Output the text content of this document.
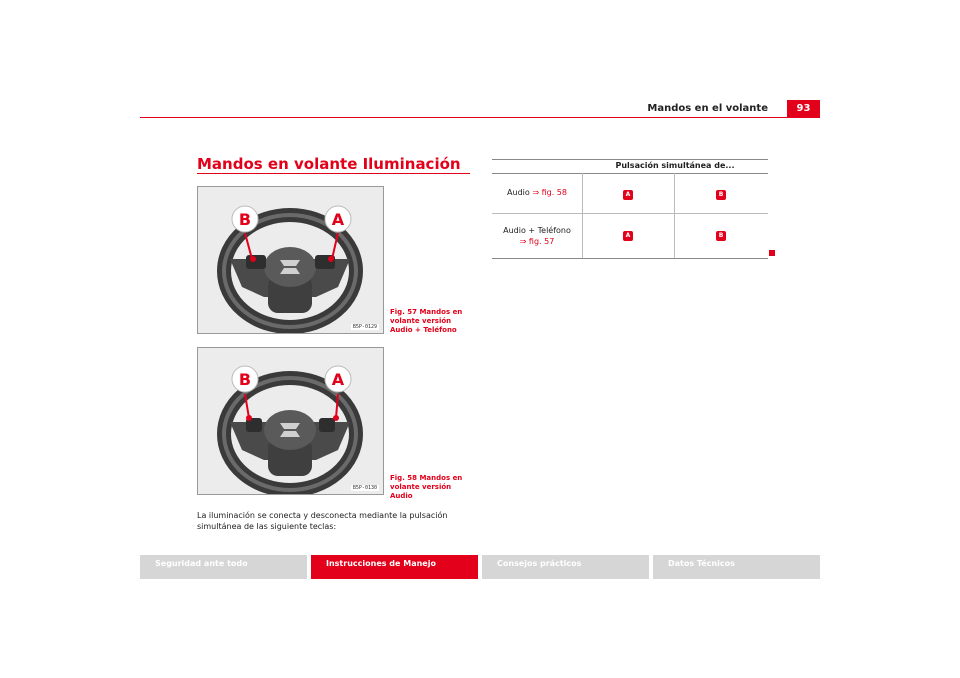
Mandos en el volante	93
Mandos en volante Iluminación
B	A
B5P-0129
Fig. 57 Mandos en volante versión Audio + Teléfono
B	A
B5P-0130
Fig. 58 Mandos en volante versión Audio
La iluminación se conecta y desconecta mediante la pulsación simultánea de las siguiente teclas:
Pulsación simultánea de...
Audio ⇒ fig. 58	A	B
Audio + Teléfono
⇒ fig. 57
A	B
Seguridad ante todo	Instrucciones de Manejo	Consejos prácticos	Datos Técnicos
